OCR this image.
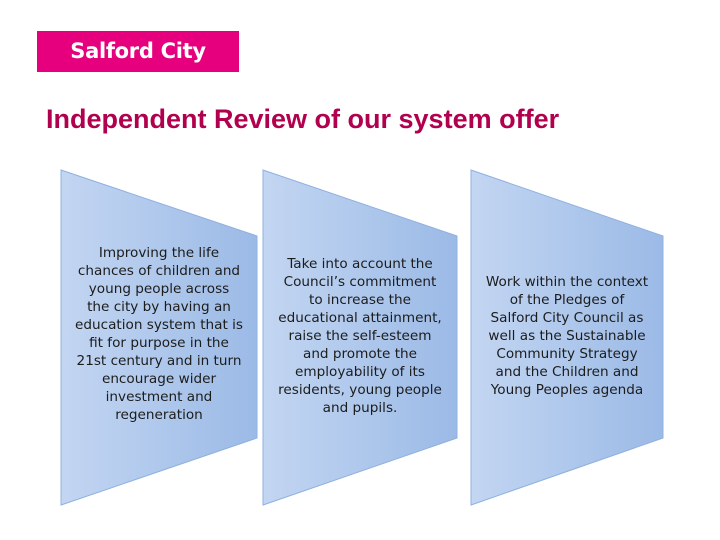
Salford City Council
Independent Review of our system offer
Improving the life
chances of children and
young people across
the city by having an
education system that is
fit for purpose in the
21st century and in turn
encourage wider
investment and
regeneration
Take into account the
Council’s commitment
to increase the
educational attainment,
raise the self-esteem
and promote the
employability of its
residents, young people
and pupils.
Work within the context
of the Pledges of
Salford City Council as
well as the Sustainable
Community Strategy
and the Children and
Young Peoples agenda
